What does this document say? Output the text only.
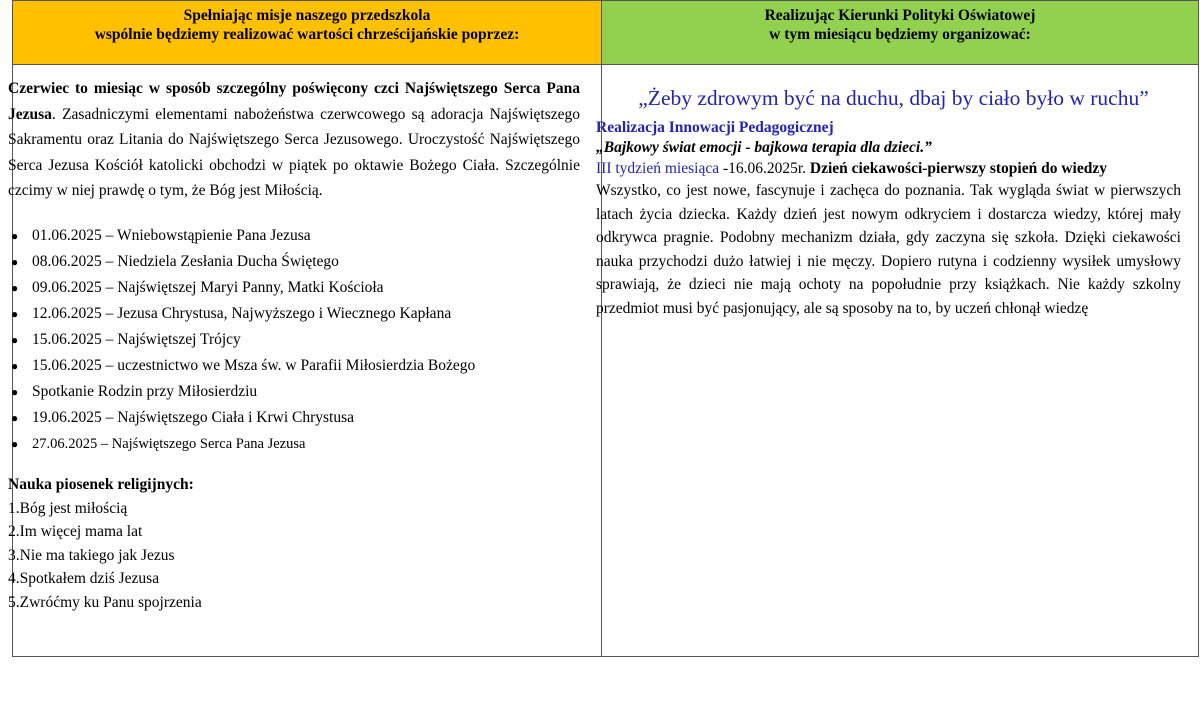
Spełniając misje naszego przedszkola
wspólnie będziemy realizować wartości chrześcijańskie poprzez:
Realizując Kierunki Polityki Oświatowej
w tym miesiącu będziemy organizować:

Czerwiec to miesiąc w sposób szczególny poświęcony czci Najświętszego Serca Pana Jezusa. Zasadniczymi elementami nabożeństwa czerwcowego są adoracja Najświętszego Sakramentu oraz Litania do Najświętszego Serca Jezusowego. Uroczystość Najświętszego Serca Jezusa Kościół katolicki obchodzi w piątek po oktawie Bożego Ciała. Szczególnie czcimy w niej prawdę o tym, że Bóg jest Miłością.

● 01.06.2025 – Wniebowstąpienie Pana Jezusa
● 08.06.2025 – Niedziela Zesłania Ducha Świętego
● 09.06.2025 – Najświętszej Maryi Panny, Matki Kościoła
● 12.06.2025 – Jezusa Chrystusa, Najwyższego i Wiecznego Kapłana
● 15.06.2025 – Najświętszej Trójcy
● 15.06.2025 – uczestnictwo we Msza św. w Parafii Miłosierdzia Bożego
● Spotkanie Rodzin przy Miłosierdziu
● 19.06.2025 – Najświętszego Ciała i Krwi Chrystusa
● 27.06.2025 – Najświętszego Serca Pana Jezusa
Nauka piosenek religijnych:
1.Bóg jest miłością
2.Im więcej mama lat
3.Nie ma takiego jak Jezus
4.Spotkałem dziś Jezusa
5.Zwróćmy ku Panu spojrzenia
„Żeby zdrowym być na duchu, dbaj by ciało było w ruchu”
Realizacja Innowacji Pedagogicznej
„Bajkowy świat emocji - bajkowa terapia dla dzieci.”
III tydzień miesiąca -16.06.2025r. Dzień ciekawości-pierwszy stopień do wiedzy
Wszystko, co jest nowe, fascynuje i zachęca do poznania. Tak wygląda świat w pierwszych latach życia dziecka. Każdy dzień jest nowym odkryciem i dostarcza wiedzy, której mały odkrywca pragnie. Podobny mechanizm działa, gdy zaczyna się szkoła. Dzięki ciekawości nauka przychodzi dużo łatwiej i nie męczy. Dopiero rutyna i codzienny wysiłek umysłowy sprawiają, że dzieci nie mają ochoty na popołudnie przy książkach. Nie każdy szkolny przedmiot musi być pasjonujący, ale są sposoby na to, by uczeń chłonął wiedzę
